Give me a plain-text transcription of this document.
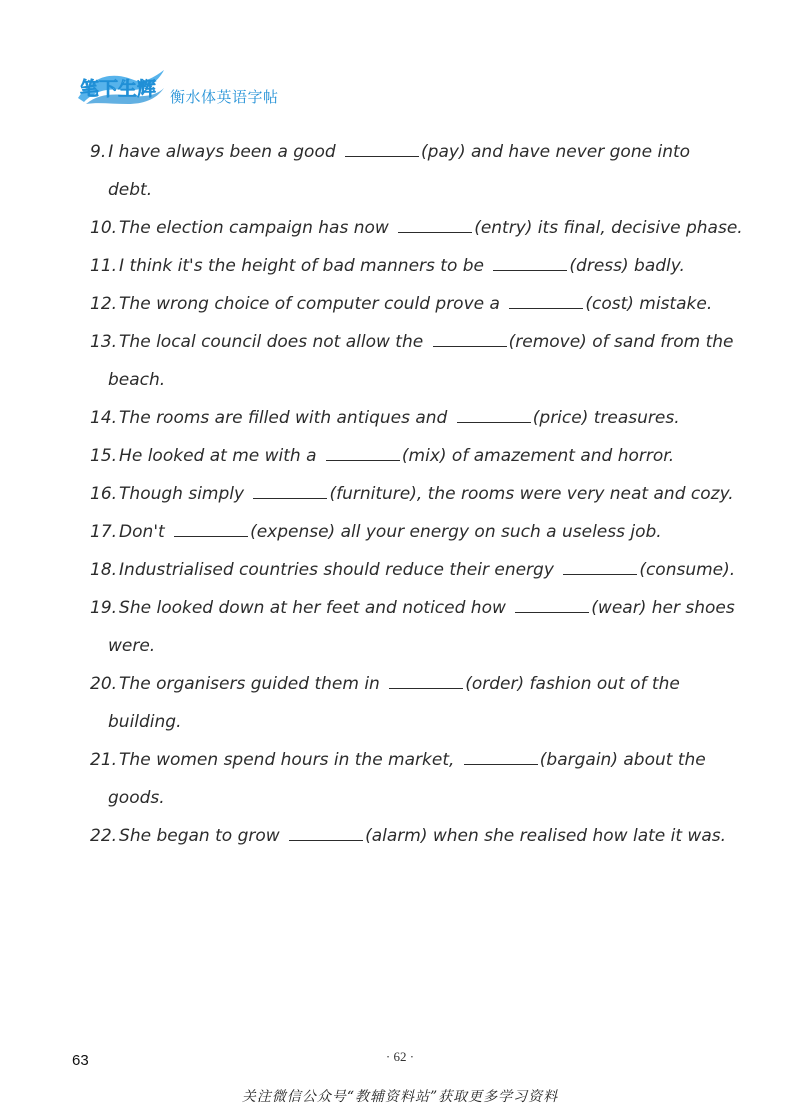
笔下生辉 衡水体英语字帖

9. I have always been a good	(pay) and have never gone into

debt.

10. The election campaign has now	(entry) its final, decisive phase.

11. I think it's the height of bad manners to be	(dress) badly.

12. The wrong choice of computer could prove a	(cost) mistake.

13. The local council does not allow the	(remove) of sand from the

beach.

14. The rooms are filled with antiques and	(price) treasures.

15. He looked at me with a	(mix) of amazement and horror.

16. Though simply	(furniture), the rooms were very neat and cozy.

17. Don't	(expense) all your energy on such a useless job.

18. Industrialised countries should reduce their energy	(consume).

19. She looked down at her feet and noticed how	(wear) her shoes

were.

20. The organisers guided them in	(order) fashion out of the

building.

21. The women spend hours in the market,	(bargain) about the

goods.

22. She began to grow	(alarm) when she realised how late it was.

63	· 62 ·
关注微信公众号“教辅资料站”获取更多学习资料
